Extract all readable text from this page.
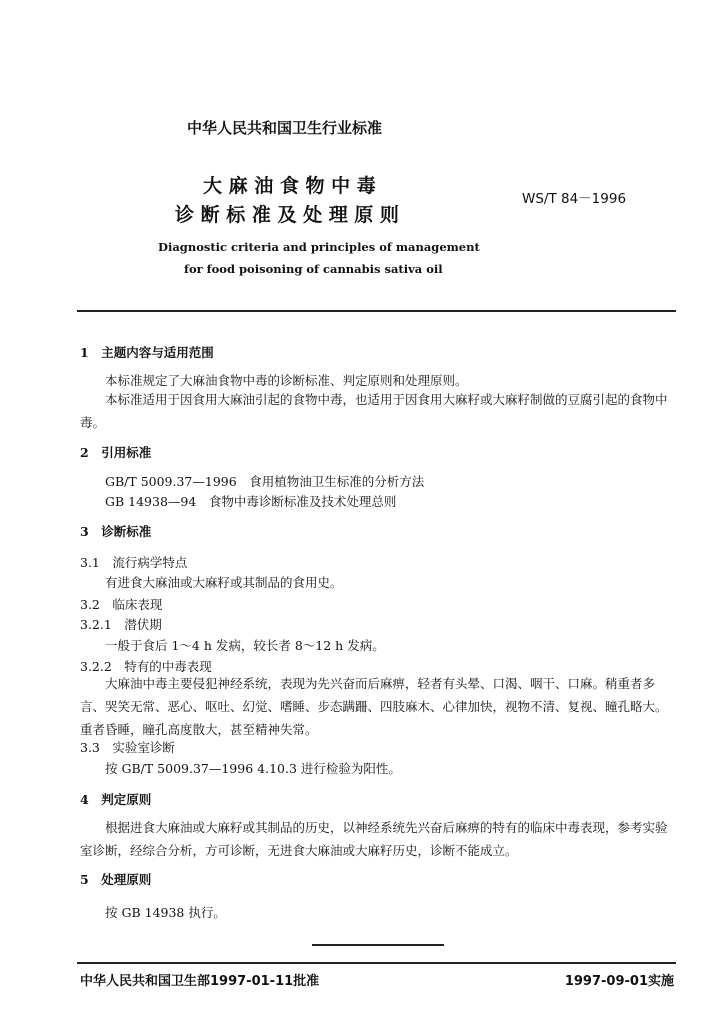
中华人民共和国卫生行业标准
大 麻 油 食 物 中 毒
诊 断 标 准 及 处 理 原 则
WS/T 84－1996
Diagnostic criteria and principles of management
for food poisoning of cannabis sativa oil
1　主题内容与适用范围
本标准规定了大麻油食物中毒的诊断标准、判定原则和处理原则。
本标准适用于因食用大麻油引起的食物中毒，也适用于因食用大麻籽或大麻籽制做的豆腐引起的食物中毒。
2　引用标准
GB/T 5009.37—1996　食用植物油卫生标准的分析方法
GB 14938—94　食物中毒诊断标准及技术处理总则
3　诊断标准
3.1　流行病学特点
有进食大麻油或大麻籽或其制品的食用史。
3.2　临床表现
3.2.1　潜伏期
一般于食后 1～4 h 发病，较长者 8～12 h 发病。
3.2.2　特有的中毒表现
大麻油中毒主要侵犯神经系统，表现为先兴奋而后麻痹，轻者有头晕、口渴、咽干、口麻。稍重者多言、哭笑无常、恶心、呕吐、幻觉、嗜睡、步态蹒跚、四肢麻木、心律加快，视物不清、复视、瞳孔略大。重者昏睡，瞳孔高度散大，甚至精神失常。
3.3　实验室诊断
按 GB/T 5009.37—1996 4.10.3 进行检验为阳性。
4　判定原则
根据进食大麻油或大麻籽或其制品的历史，以神经系统先兴奋后麻痹的特有的临床中毒表现，参考实验室诊断，经综合分析，方可诊断，无进食大麻油或大麻籽历史，诊断不能成立。
5　处理原则
按 GB 14938 执行。
中华人民共和国卫生部1997-01-11批准	1997-09-01实施
